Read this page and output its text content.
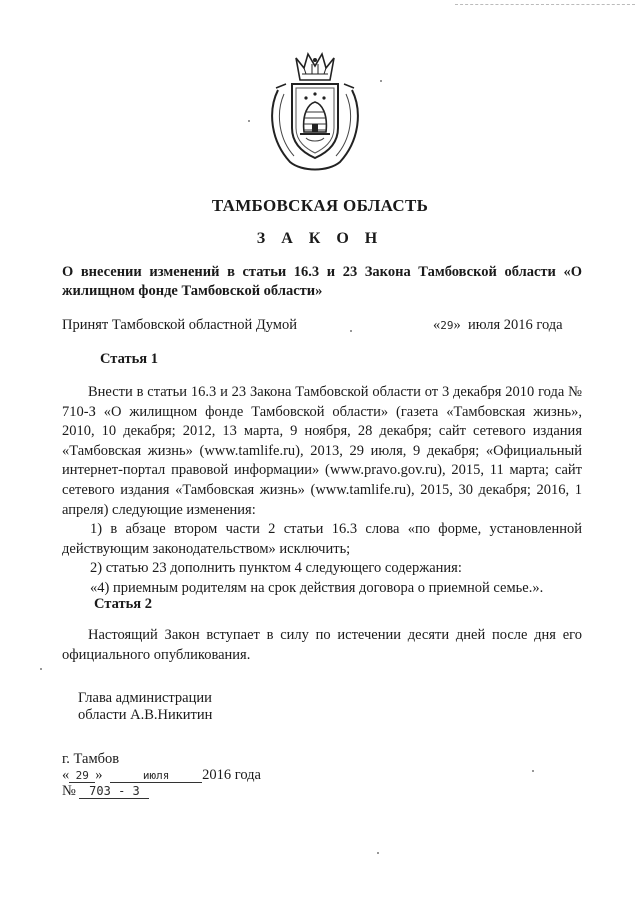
ТАМБОВСКАЯ ОБЛАСТЬ
З А К О Н
О внесении изменений в статьи 16.3 и 23 Закона Тамбовской области «О жилищном фонде Тамбовской области»
Принят Тамбовской областной Думой	«29»  июля 2016 года
Статья 1

Внести в статьи 16.3 и 23 Закона Тамбовской области от 3 декабря 2010 года № 710-З «О жилищном фонде Тамбовской области» (газета «Тамбовская жизнь», 2010, 10 декабря; 2012, 13 марта, 9 ноября, 28 декабря; сайт сетевого издания «Тамбовская жизнь» (www.tamlife.ru), 2013, 29 июля, 9 декабря; «Официальный интернет-портал правовой информации» (www.pravo.gov.ru), 2015, 11 марта; сайт сетевого издания «Тамбовская жизнь» (www.tamlife.ru), 2015, 30 декабря; 2016, 1 апреля) следующие изменения:

1) в абзаце втором части 2 статьи 16.3 слова «по форме, установленной действующим законодательством» исключить;

2) статью 23 дополнить пунктом 4 следующего содержания:

«4) приемным родителям на срок действия договора о приемной семье.».

Статья 2

Настоящий Закон вступает в силу по истечении десяти дней после дня его официального опубликования.

Глава администрации
области А.В.Никитин
г. Тамбов
« 29 »	июля 2016 года
№ 703 - З
